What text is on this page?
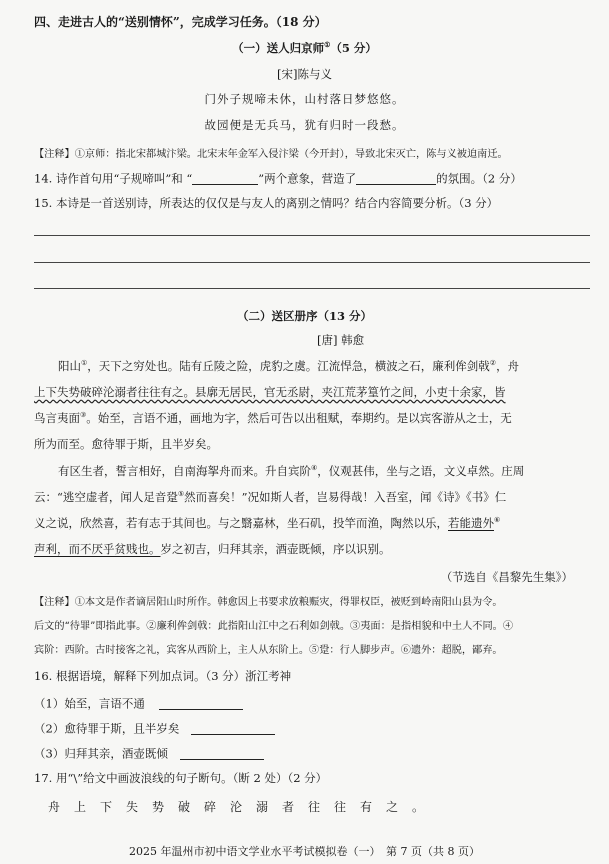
四、走进古人的“送别情怀”，完成学习任务。（18 分）
（一）送人归京师①（5 分）
[宋]陈与义
门外子规啼未休，山村落日梦悠悠。
故园便是无兵马，犹有归时一段愁。
【注释】①京师：指北宋都城汴梁。北宋末年金军入侵汴梁（今开封），导致北宋灭亡，陈与义被迫南迁。
14. 诗作首句用“子规啼叫”和 “	”两个意象，营造了	的氛围。（2 分）
15. 本诗是一首送别诗，所表达的仅仅是与友人的离别之情吗？结合内容简要分析。（3 分）
（二）送区册序（13 分）
[唐] 韩愈
阳山①，天下之穷处也。陆有丘陵之险，虎豹之虞。江流悍急，横波之石，廉利侔剑戟②，舟
上下失势破碎沦溺者往往有之。县廓无居民，官无丞尉，夹江荒茅篁竹之间，小吏十余家，皆
鸟言夷面③。始至，言语不通，画地为字，然后可告以出租赋，奉期约。是以宾客游从之士，无
所为而至。愈待罪于斯，且半岁矣。
有区生者，誓言相好，自南海挐舟而来。升自宾阶④，仪观甚伟，坐与之语，文义卓然。庄周
云：“逃空虚者，闻人足音跫⑤然而喜矣！”况如斯人者，岂易得哉！入吾室，闻《诗》《书》仁
义之说，欣然喜，若有志于其间也。与之翳嘉林，坐石矶，投竿而渔，陶然以乐，若能遗外⑥
声利，而不厌乎贫贱也。岁之初吉，归拜其亲，酒壶既倾，序以识别。
（节选自《昌黎先生集》）
【注释】①本文是作者谪居阳山时所作。韩愈因上书要求放粮赈灾，得罪权臣，被贬到岭南阳山县为令。
后文的“待罪”即指此事。②廉利侔剑戟：此指阳山江中之石利如剑戟。③夷面：是指相貌和中土人不同。④
宾阶：西阶。古时接客之礼，宾客从西阶上，主人从东阶上。⑤跫：行人脚步声。⑥遗外：超脱，鄙弃。
16. 根据语境，解释下列加点词。（3 分）浙江考神
（1）始至，言语不通
（2）愈待罪于斯，且半岁矣
（3）归拜其亲，酒壶既倾
17. 用“\”给文中画波浪线的句子断句。（断 2 处）（2 分）
舟上下失势破碎沦溺者往往有之。
2025 年温州市初中语文学业水平考试模拟卷（一）　第 7 页（共 8 页）
